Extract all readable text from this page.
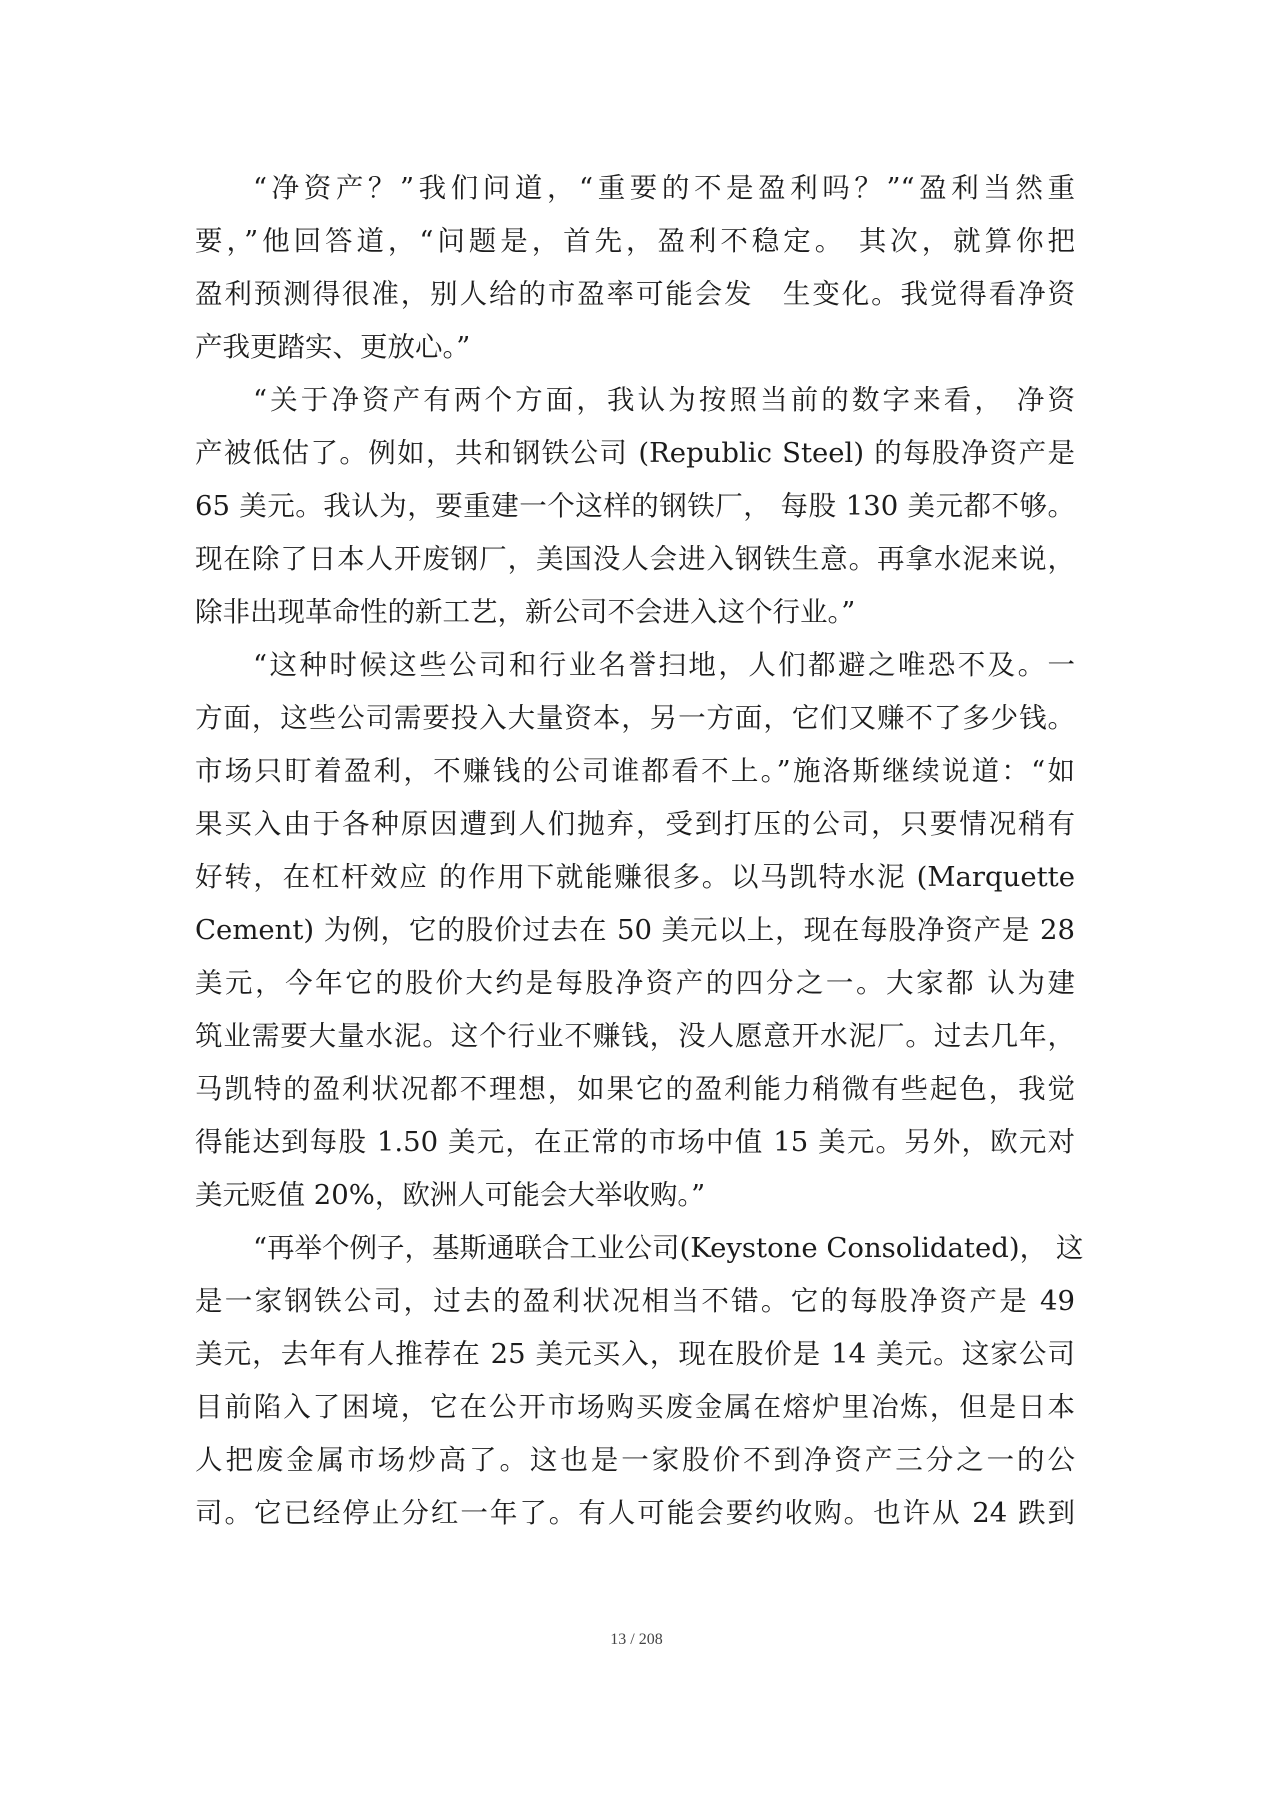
“净资产？”我们问道，“重要的不是盈利吗？”“盈利当然重
要，”他回答道，“问题是，首先，盈利不稳定。 其次，就算你把
盈利预测得很准，别人给的市盈率可能会发　生变化。我觉得看净资
产我更踏实、更放心。”
“关于净资产有两个方面，我认为按照当前的数字来看， 净资
产被低估了。例如，共和钢铁公司 (Republic Steel) 的每股净资产是
65 美元。我认为，要重建一个这样的钢铁厂， 每股 130 美元都不够。
现在除了日本人开废钢厂，美国没人会进入钢铁生意。再拿水泥来说，
除非出现革命性的新工艺，新公司不会进入这个行业。”
“这种时候这些公司和行业名誉扫地，人们都避之唯恐不及。一
方面，这些公司需要投入大量资本，另一方面，它们又赚不了多少钱。
市场只盯着盈利，不赚钱的公司谁都看不上。”施洛斯继续说道：“如
果买入由于各种原因遭到人们抛弃，受到打压的公司，只要情况稍有
好转，在杠杆效应 的作用下就能赚很多。以马凯特水泥 (Marquette
Cement) 为例，它的股价过去在 50 美元以上，现在每股净资产是 28
美元，今年它的股价大约是每股净资产的四分之一。大家都 认为建
筑业需要大量水泥。这个行业不赚钱，没人愿意开水泥厂。过去几年，
马凯特的盈利状况都不理想，如果它的盈利能力稍微有些起色，我觉
得能达到每股 1.50 美元，在正常的市场中值 15 美元。另外，欧元对
美元贬值 20%，欧洲人可能会大举收购。”
“再举个例子，基斯通联合工业公司(Keystone Consolidated)， 这
是一家钢铁公司，过去的盈利状况相当不错。它的每股净资产是 49
美元，去年有人推荐在 25 美元买入，现在股价是 14 美元。这家公司
目前陷入了困境，它在公开市场购买废金属在熔炉里冶炼，但是日本
人把废金属市场炒高了。这也是一家股价不到净资产三分之一的公
司。它已经停止分红一年了。有人可能会要约收购。也许从 24 跌到
13 / 208
